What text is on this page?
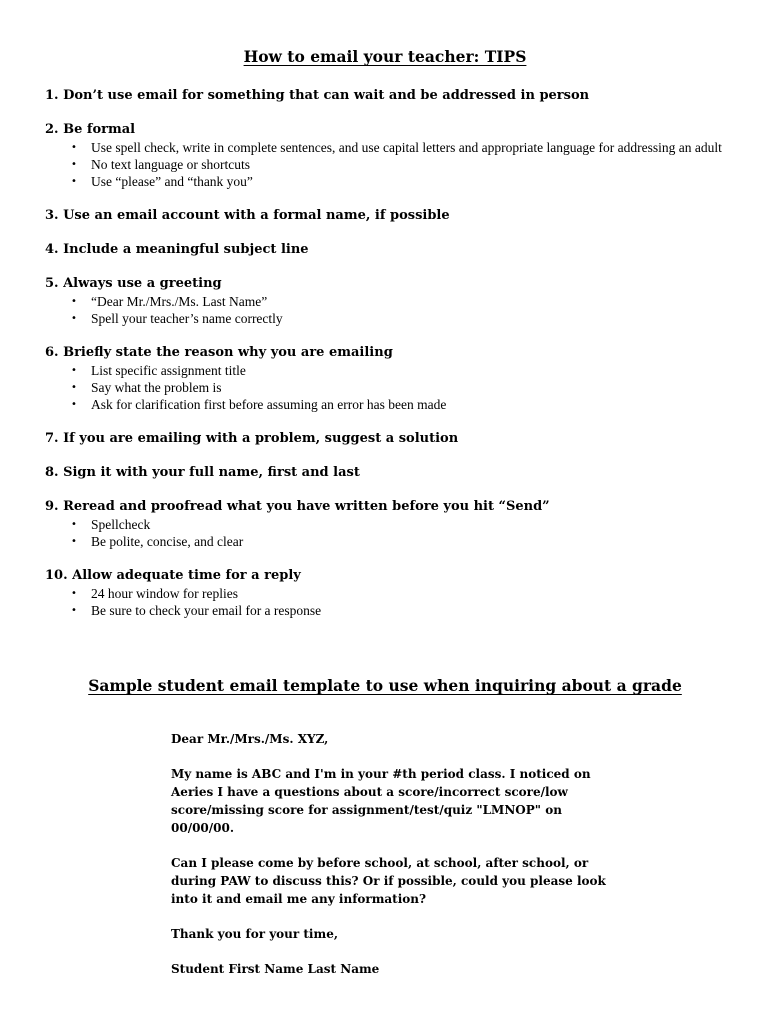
How to email your teacher: TIPS

1. Don’t use email for something that can wait and be addressed in person

2. Be formal

• Use spell check, write in complete sentences, and use capital letters and appropriate language for addressing an adult
• No text language or shortcuts
• Use “please” and “thank you”

3. Use an email account with a formal name, if possible

4. Include a meaningful subject line

5. Always use a greeting

• “Dear Mr./Mrs./Ms. Last Name”
• Spell your teacher’s name correctly

6. Briefly state the reason why you are emailing

• List specific assignment title
• Say what the problem is
• Ask for clarification first before assuming an error has been made

7. If you are emailing with a problem, suggest a solution

8. Sign it with your full name, first and last

9. Reread and proofread what you have written before you hit “Send”

• Spellcheck
• Be polite, concise, and clear

10. Allow adequate time for a reply

• 24 hour window for replies
• Be sure to check your email for a response
Sample student email template to use when inquiring about a grade

Dear Mr./Mrs./Ms. XYZ,

My name is ABC and I'm in your #th period class. I noticed on Aeries I have a questions about a score/incorrect score/low score/missing score for assignment/test/quiz "LMNOP" on 00/00/00.

Can I please come by before school, at school, after school, or during PAW to discuss this? Or if possible, could you please look into it and email me any information?

Thank you for your time,

Student First Name Last Name
